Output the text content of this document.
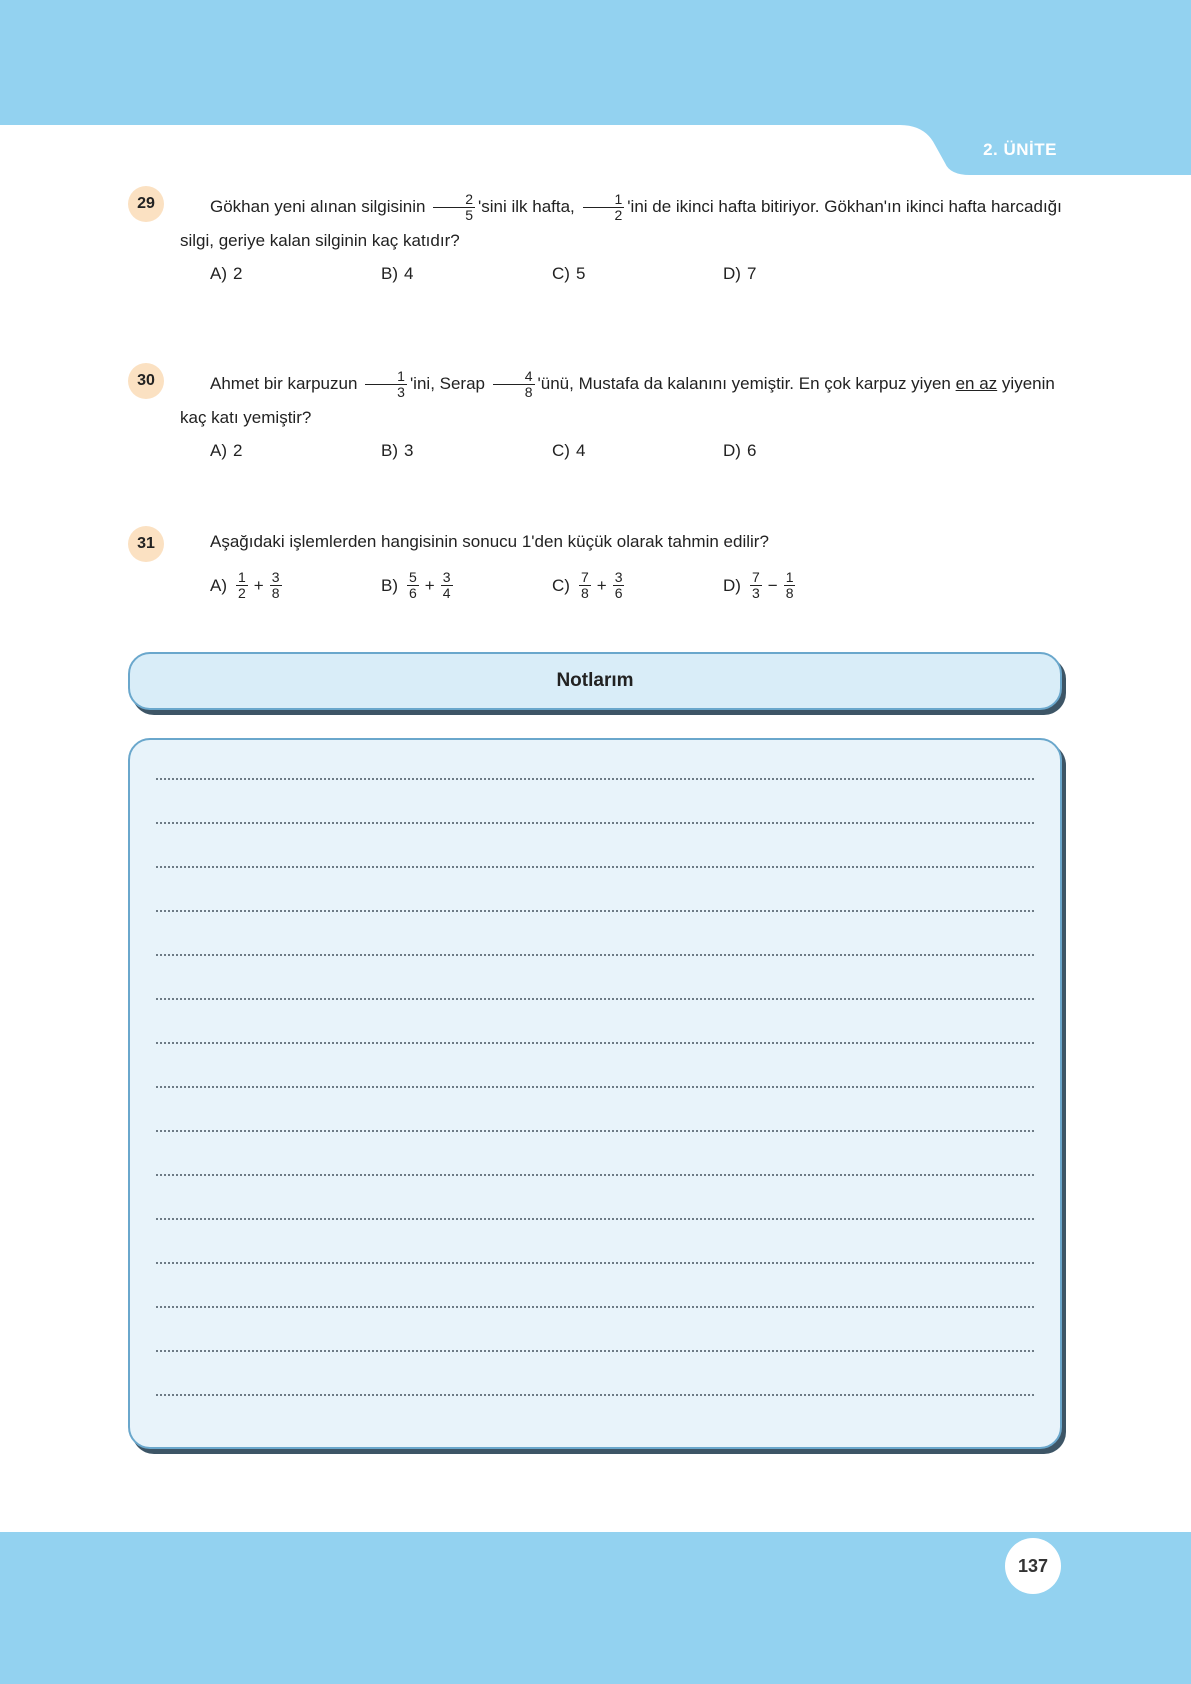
2. ÜNİTE
29	Gökhan yeni alınan silgisinin $\frac{2}{5}$ 'sini ilk hafta, $\frac{1}{2}$ 'ini de ikinci hafta bitiriyor. Gökhan'ın ikinci hafta harcadığı silgi, geriye kalan silginin kaç katıdır?
A) 2	B) 4	C) 5	D) 7
30	Ahmet bir karpuzun $\frac{1}{3}$ 'ini, Serap $\frac{4}{8}$ 'ünü, Mustafa da kalanını yemiştir. En çok karpuz yiyen en az yiyenin kaç katı yemiştir?
A) 2	B) 3	C) 4	D) 6
31	Aşağıdaki işlemlerden hangisinin sonucu 1'den küçük olarak tahmin edilir?
$A) \frac{1}{2} + \frac{3}{8}$	$B) \frac{5}{6} + \frac{3}{4}$	$C) \frac{7}{8} + \frac{3}{6}$	$D) \frac{7}{3} - \frac{1}{8}$
Notlarım
137
